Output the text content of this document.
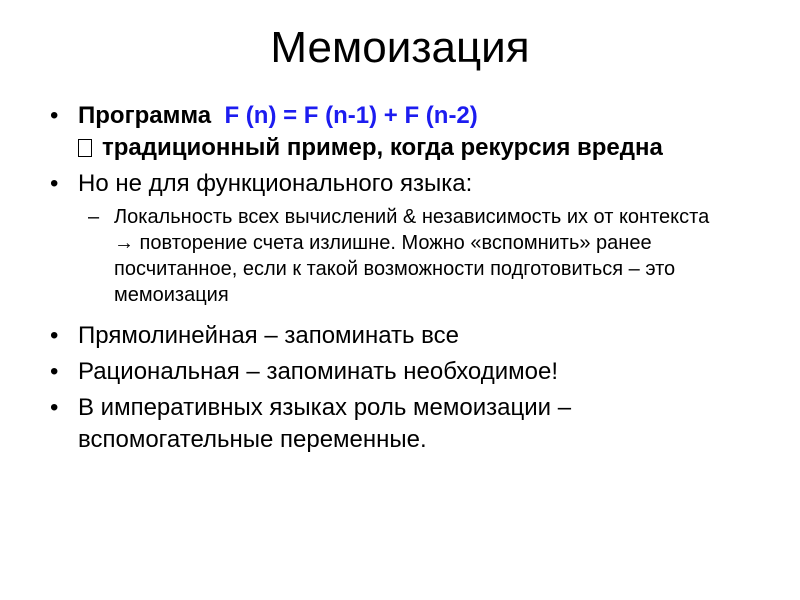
Мемоизация
• Программа F (n) = F (n-1) + F (n-2)
традиционный пример, когда рекурсия вредна
• Но не для функционального языка:
– Локальность всех вычислений & независимость их от контекста
→ повторение счета излишне. Можно «вспомнить» ранее
посчитанное, если к такой возможности подготовиться – это
мемоизация
• Прямолинейная – запоминать все
• Рациональная – запоминать необходимое!
• В императивных языках роль мемоизации –
вспомогательные переменные.
